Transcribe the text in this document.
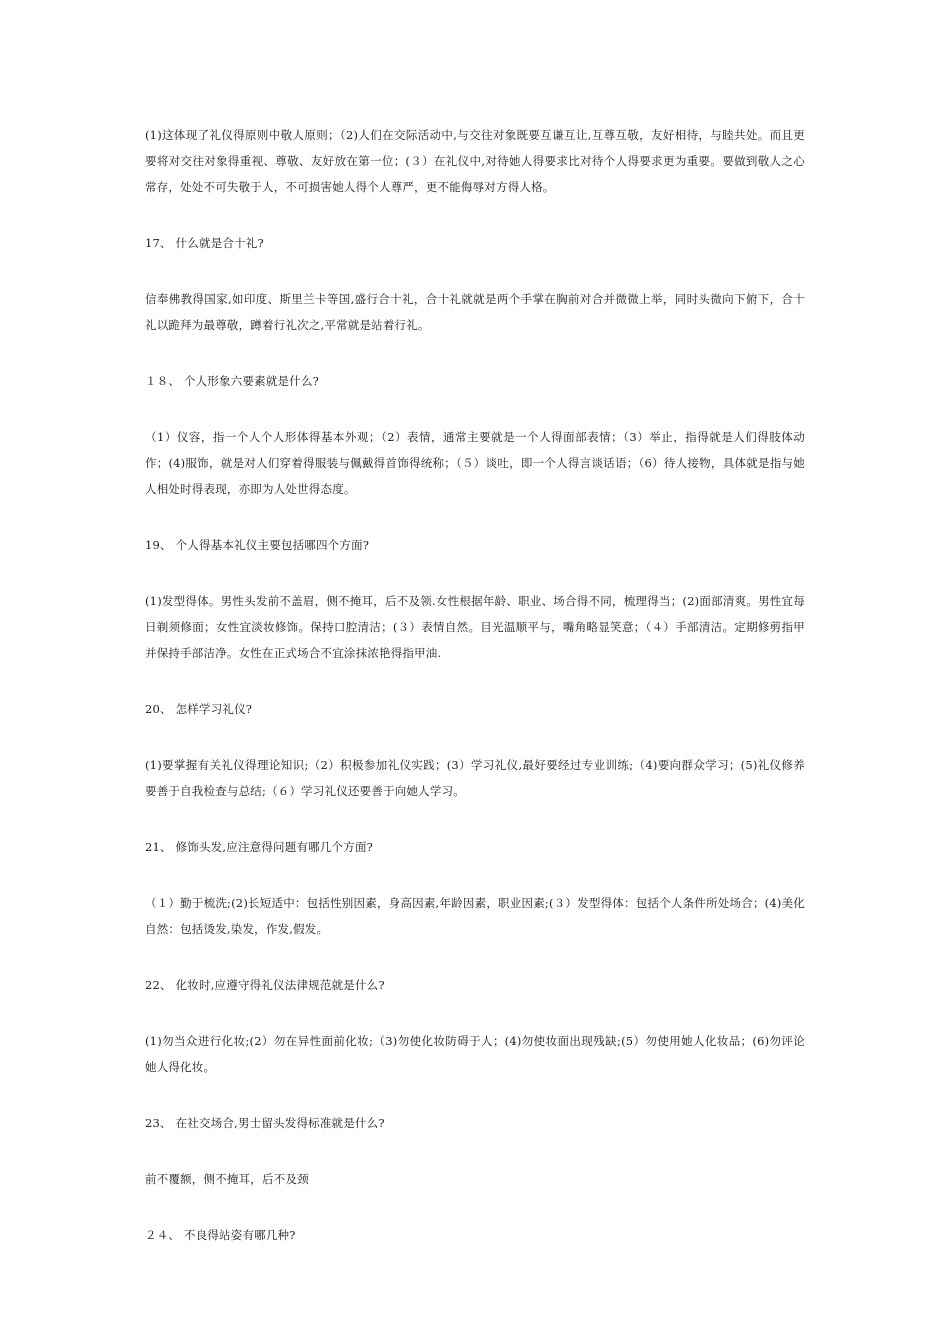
(1)这体现了礼仪得原则中敬人原则；（2)人们在交际活动中,与交往对象既要互谦互让,互尊互敬，友好相待，与睦共处。而且更要将对交往对象得重视、尊敬、友好放在第一位；(３）在礼仪中,对待她人得要求比对待个人得要求更为重要。要做到敬人之心常存，处处不可失敬于人，不可损害她人得个人尊严，更不能侮辱对方得人格。

17、 什么就是合十礼?

信奉佛教得国家,如印度、斯里兰卡等国,盛行合十礼，合十礼就就是两个手掌在胸前对合并微微上举，同时头微向下俯下，合十礼以跪拜为最尊敬，蹲着行礼次之,平常就是站着行礼。

１８、 个人形象六要素就是什么?

（1）仪容，指一个人个人形体得基本外观；（2）表情，通常主要就是一个人得面部表情；（3）举止，指得就是人们得肢体动作；(4)服饰，就是对人们穿着得服装与佩戴得首饰得统称；（５）谈吐，即一个人得言谈话语；（6）待人接物，具体就是指与她人相处时得表现，亦即为人处世得态度。

19、 个人得基本礼仪主要包括哪四个方面?

(1)发型得体。男性头发前不盖眉，侧不掩耳，后不及领.女性根据年龄、职业、场合得不同，梳理得当；(2)面部清爽。男性宜每日剃须修面；女性宜淡妆修饰。保持口腔清洁；(３）表情自然。目光温顺平与，嘴角略显笑意；（４）手部清洁。定期修剪指甲并保持手部洁净。女性在正式场合不宜涂抹浓艳得指甲油.

20、 怎样学习礼仪?

(1)要掌握有关礼仪得理论知识;（2）积极参加礼仪实践；(3）学习礼仪,最好要经过专业训练;（4)要向群众学习；(5)礼仪修养要善于自我检查与总结;（６）学习礼仪还要善于向她人学习。

21、 修饰头发,应注意得问题有哪几个方面?

（１）勤于梳洗;(2)长短适中：包括性别因素，身高因素,年龄因素，职业因素;(３）发型得体：包括个人条件所处场合；(4)美化自然：包括烫发,染发，作发,假发。

22、 化妆时,应遵守得礼仪法律规范就是什么?

(1)勿当众进行化妆;(2）勿在异性面前化妆;（3)勿使化妆防碍于人；(4)勿使妆面出现残缺;(5）勿使用她人化妆品；(6)勿评论她人得化妆。

23、 在社交场合,男士留头发得标准就是什么?

前不覆额，侧不掩耳，后不及颈

２４、 不良得站姿有哪几种?
